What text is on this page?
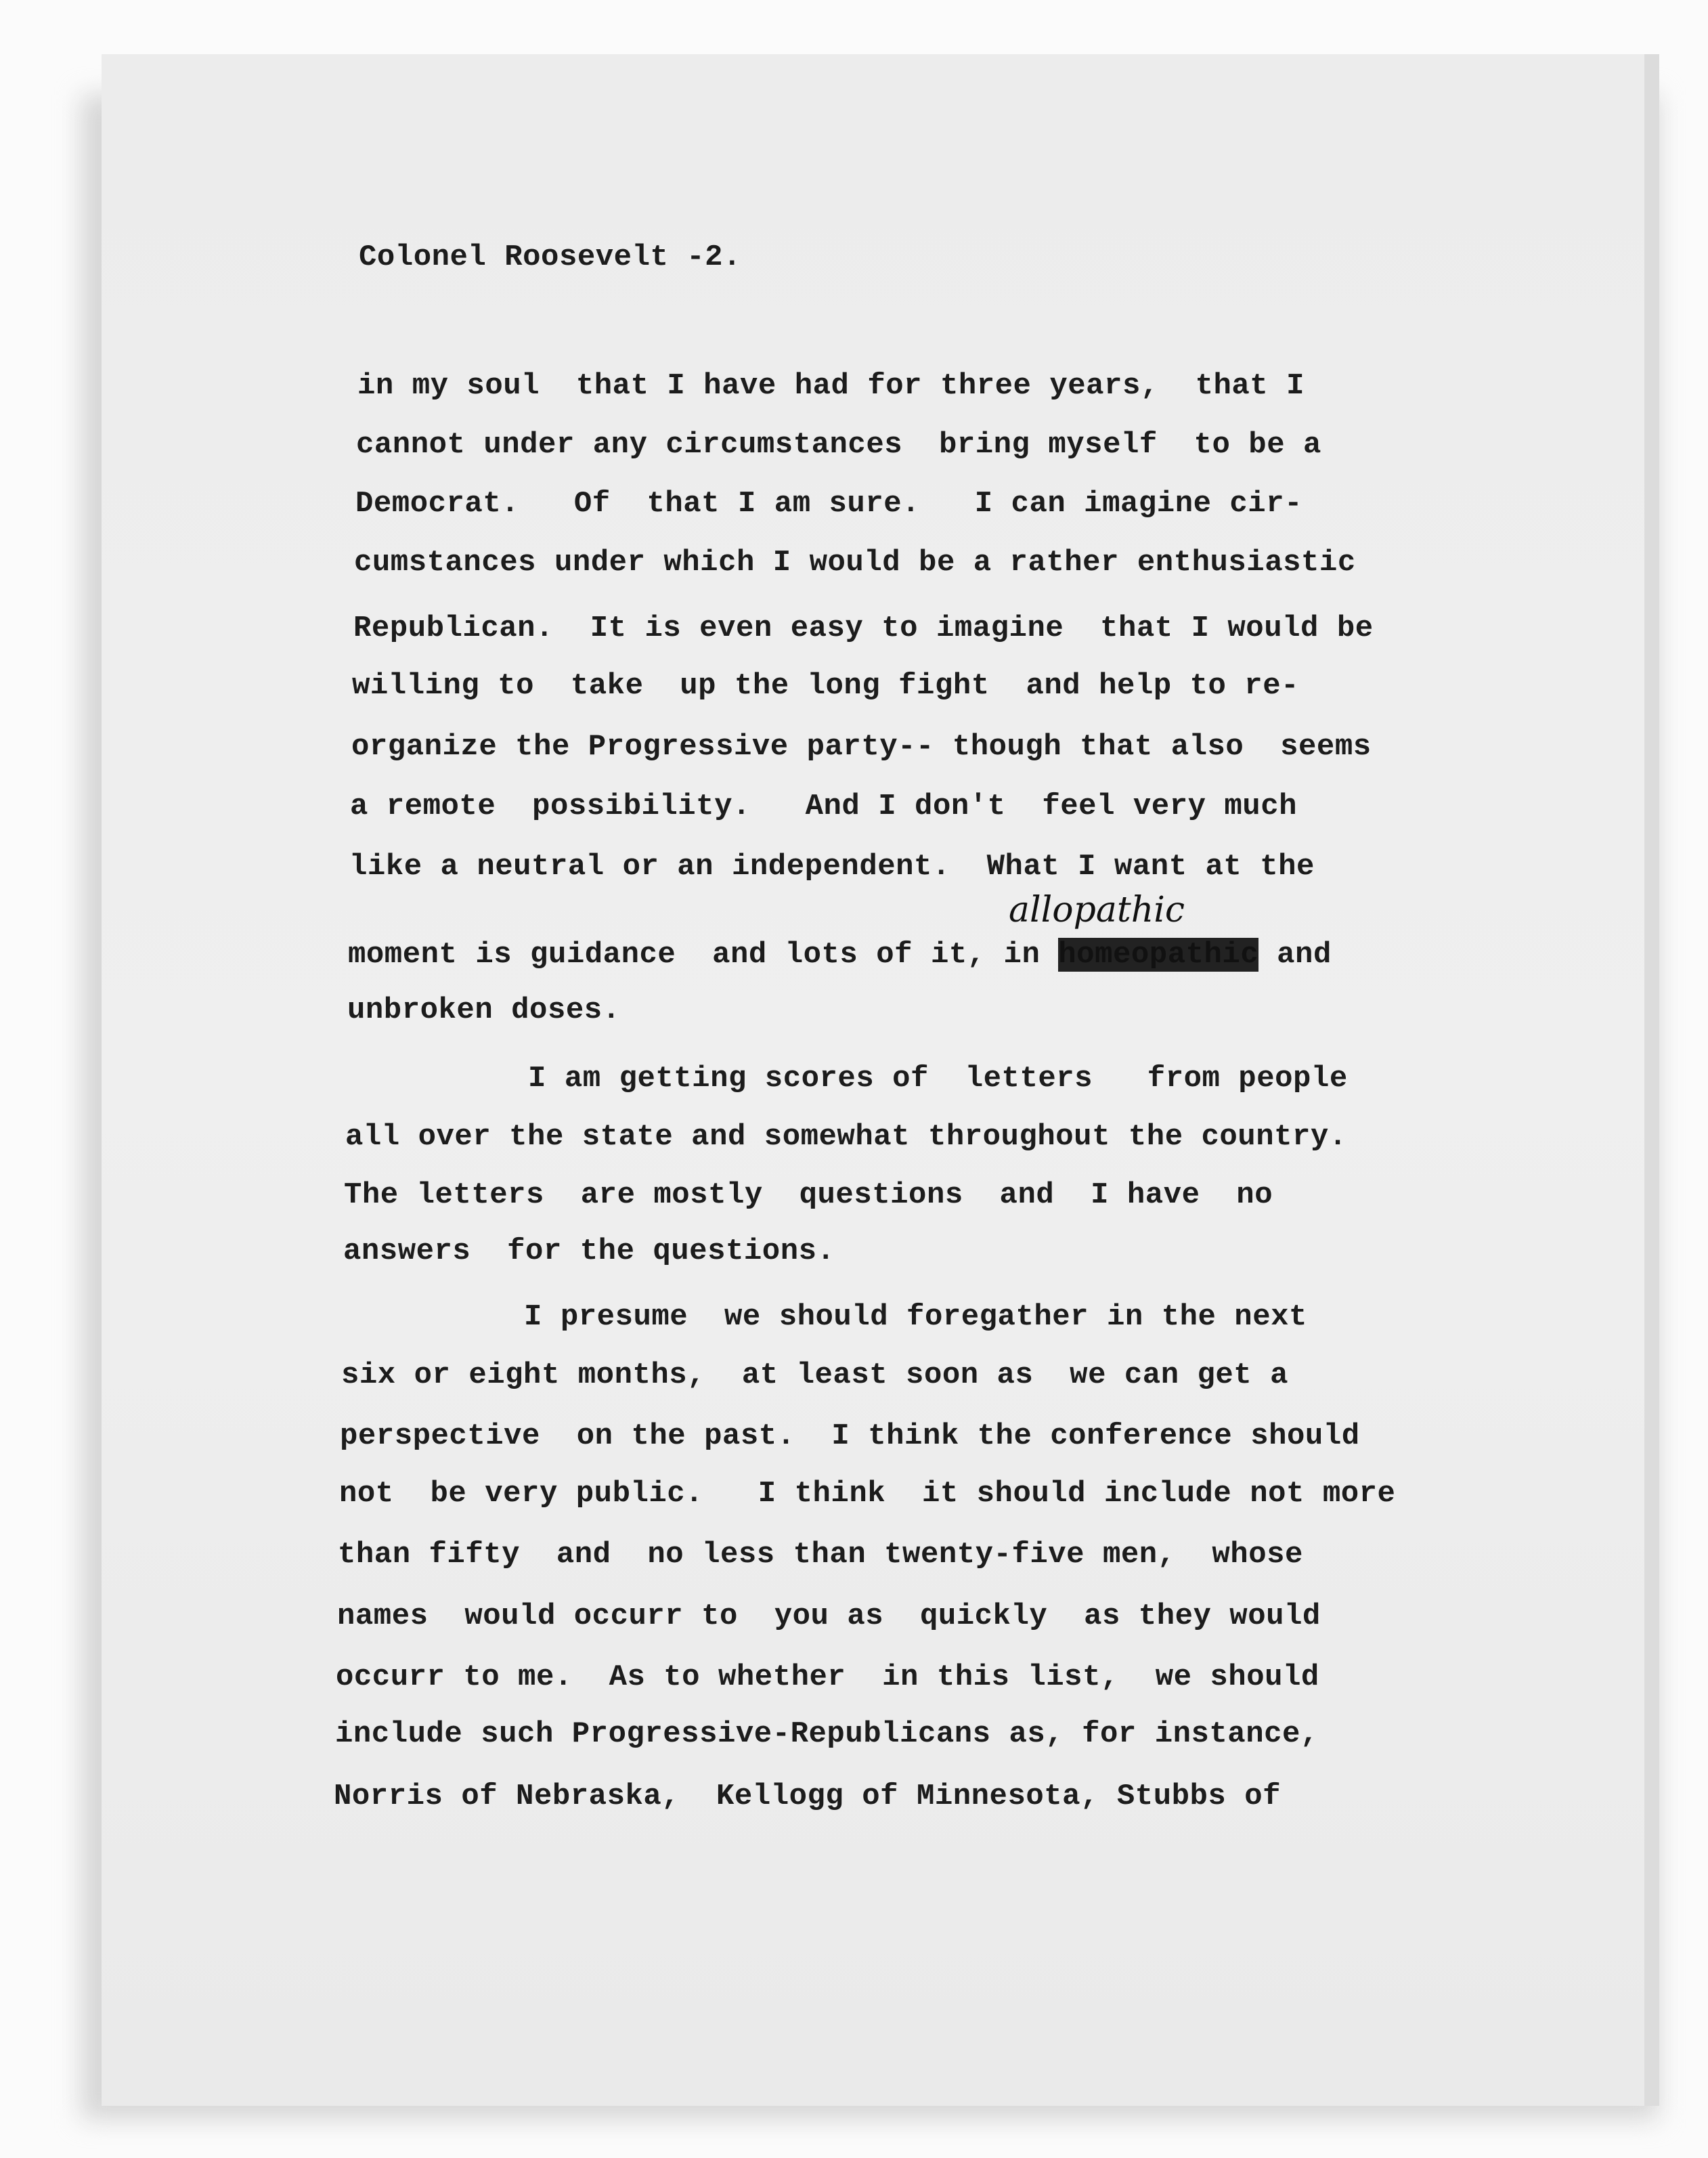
Colonel Roosevelt -2.
in my soul  that I have had for three years,  that I
cannot under any circumstances  bring myself  to be a
Democrat.   Of  that I am sure.   I can imagine cir-
cumstances under which I would be a rather enthusiastic
Republican.  It is even easy to imagine  that I would be
willing to  take  up the long fight  and help to re-
organize the Progressive party-- though that also  seems
a remote  possibility.   And I don't  feel very much
like a neutral or an independent.  What I want at the
allopathic
moment is guidance  and lots of it, in homeopathic and
unbroken doses.
I am getting scores of  letters   from people
all over the state and somewhat throughout the country.
The letters  are mostly  questions  and  I have  no
answers  for the questions.
I presume  we should foregather in the next
six or eight months,  at least soon as  we can get a
perspective  on the past.  I think the conference should
not  be very public.   I think  it should include not more
than fifty  and  no less than twenty-five men,  whose
names  would occurr to  you as  quickly  as they would
occurr to me.  As to whether  in this list,  we should
include such Progressive-Republicans as, for instance,
Norris of Nebraska,  Kellogg of Minnesota, Stubbs of
